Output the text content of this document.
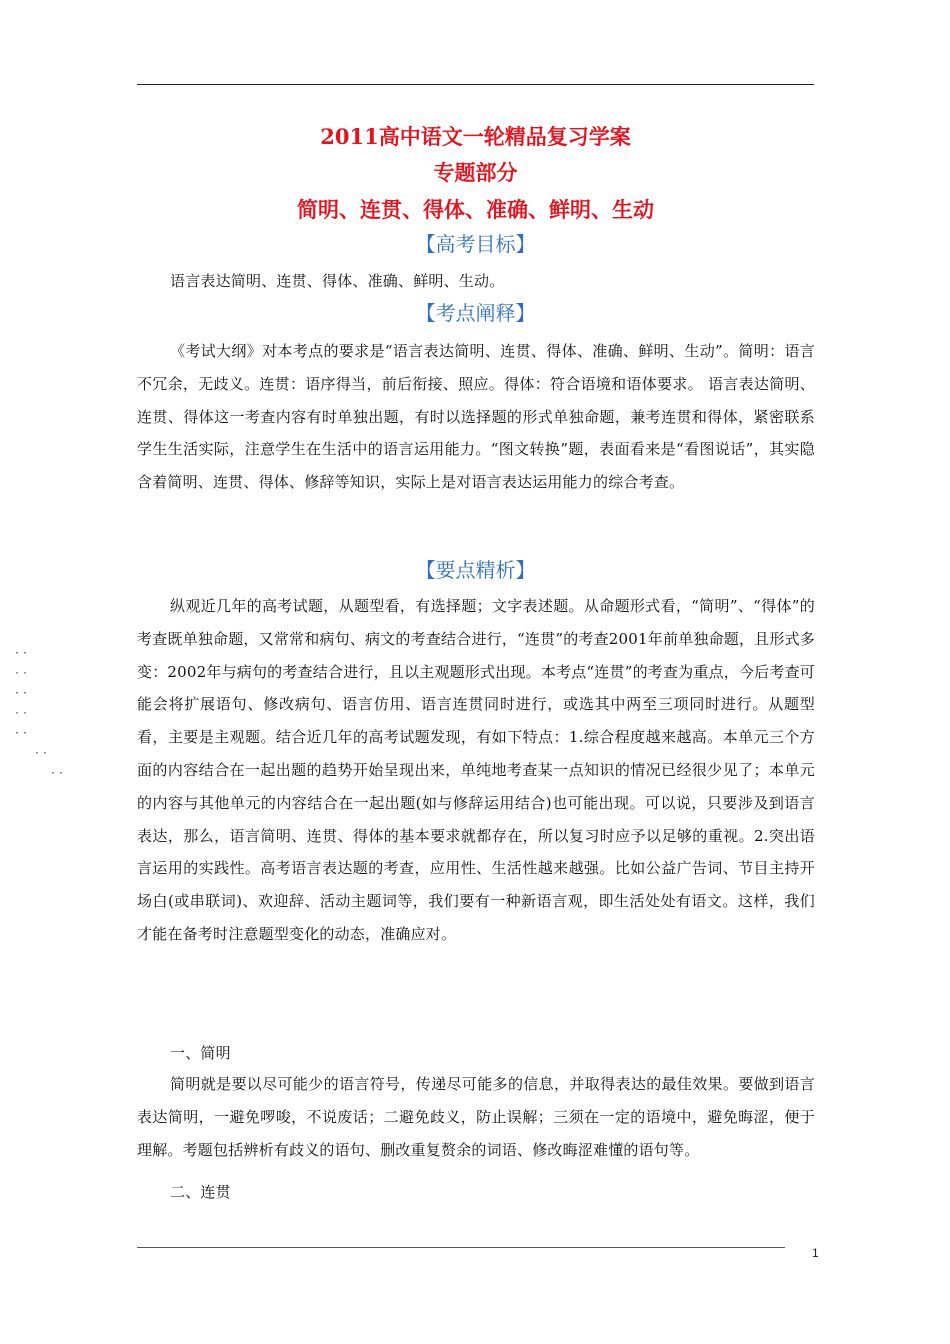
2011高中语文一轮精品复习学案
专题部分
简明、连贯、得体、准确、鲜明、生动
【高考目标】

语言表达简明、连贯、得体、准确、鲜明、生动。

【考点阐释】

《考试大纲》对本考点的要求是“语言表达简明、连贯、得体、准确、鲜明、生动”。简明：语言不冗余，无歧义。连贯：语序得当，前后衔接、照应。得体：符合语境和语体要求。 语言表达简明、连贯、得体这一考查内容有时单独出题，有时以选择题的形式单独命题，兼考连贯和得体，紧密联系学生生活实际，注意学生在生活中的语言运用能力。“图文转换”题，表面看来是“看图说话”，其实隐含着简明、连贯、得体、修辞等知识，实际上是对语言表达运用能力的综合考查。

【要点精析】

纵观近几年的高考试题，从题型看，有选择题；文字表述题。从命题形式看，“简明”、“得体”的考查既单独命题，又常常和病句、病文的考查结合进行，“连贯”的考查2001年前单独命题，且形式多变：2002年与病句的考查结合进行，且以主观题形式出现。本考点“连贯”的考查为重点，今后考查可能会将扩展语句、修改病句、语言仿用、语言连贯同时进行，或选其中两至三项同时进行。从题型看，主要是主观题。结合近几年的高考试题发现，有如下特点：1.综合程度越来越高。本单元三个方面的内容结合在一起出题的趋势开始呈现出来，单纯地考查某一点知识的情况已经很少见了；本单元的内容与其他单元的内容结合在一起出题(如与修辞运用结合)也可能出现。可以说，只要涉及到语言表达，那么，语言简明、连贯、得体的基本要求就都存在，所以复习时应予以足够的重视。2.突出语言运用的实践性。高考语言表达题的考查，应用性、生活性越来越强。比如公益广告词、节目主持开场白(或串联词)、欢迎辞、活动主题词等，我们要有一种新语言观，即生活处处有语文。这样，我们才能在备考时注意题型变化的动态，准确应对。

一、简明

简明就是要以尽可能少的语言符号，传递尽可能多的信息，并取得表达的最佳效果。要做到语言表达简明，一避免啰唆，不说废话；二避免歧义，防止误解；三须在一定的语境中，避免晦涩，便于理解。考题包括辨析有歧义的语句、删改重复赘余的词语、修改晦涩难懂的语句等。

二、连贯

1
··
··
··
··
··
··
··
